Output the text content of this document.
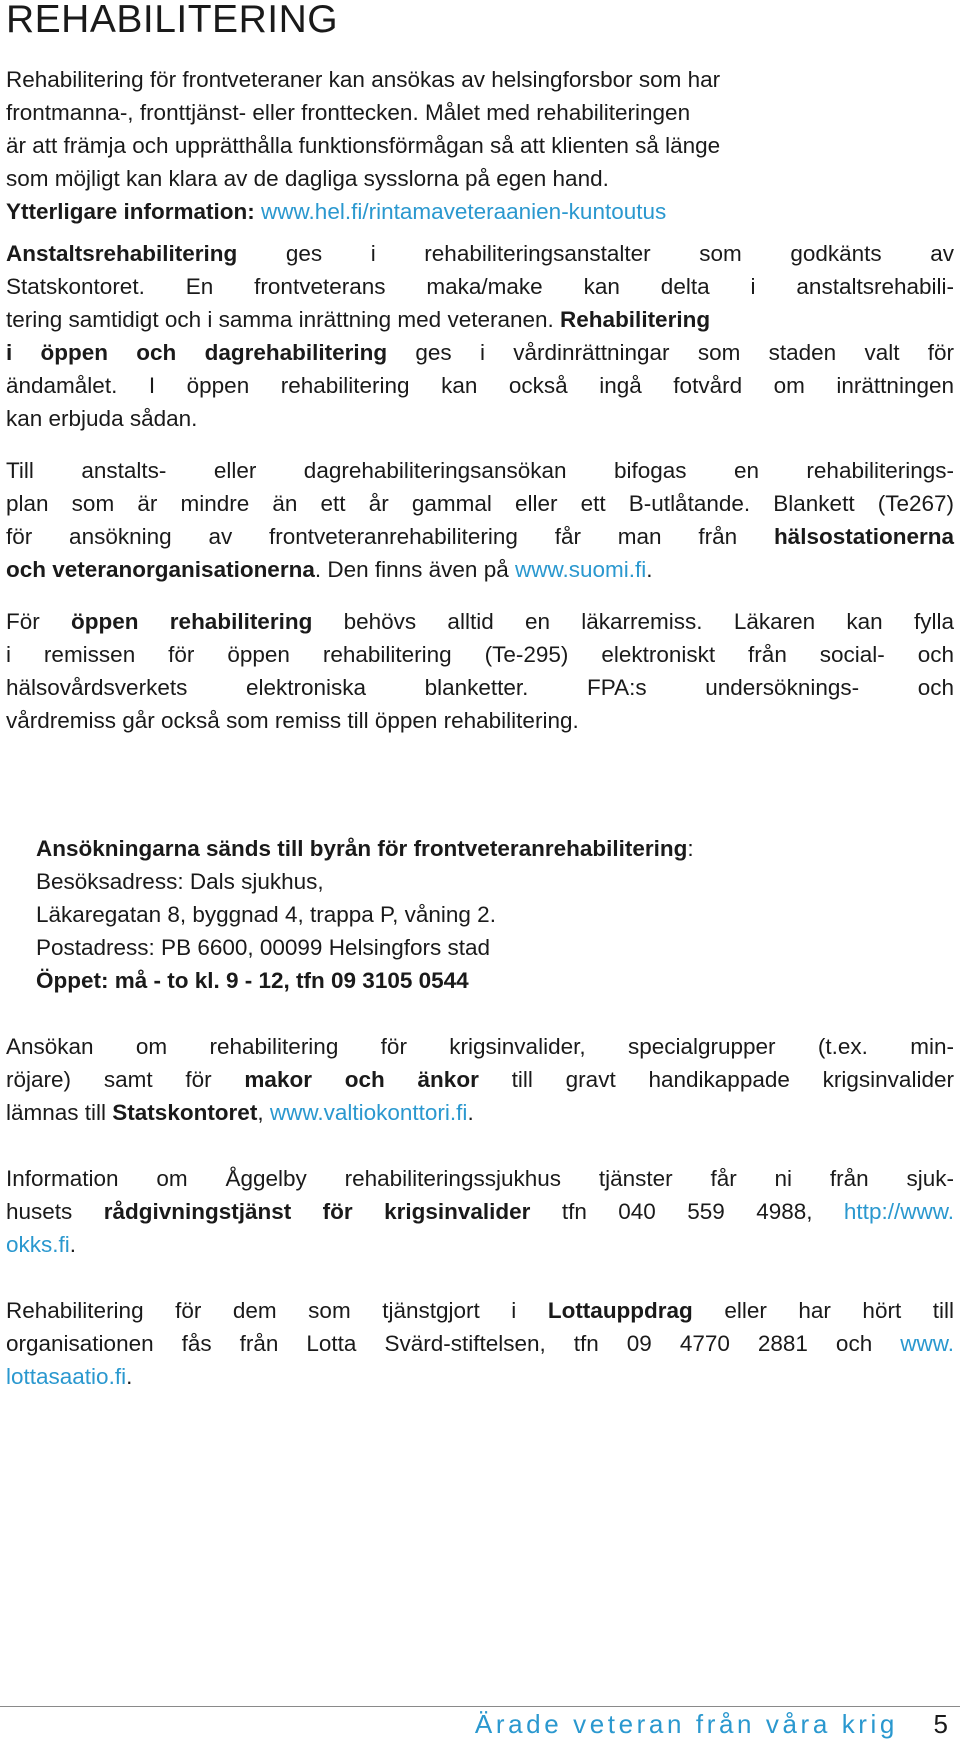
REHABILITERING
Rehabilitering för frontveteraner kan ansökas av helsingforsbor som har
frontmanna-, fronttjänst- eller fronttecken. Målet med rehabiliteringen
är att främja och upprätthålla funktionsförmågan så att klienten så länge
som möjligt kan klara av de dagliga sysslorna på egen hand.
Ytterligare information: www.hel.fi/rintamaveteraanien-kuntoutus
Anstaltsrehabilitering ges i rehabiliteringsanstalter som godkänts av
Statskontoret. En frontveterans maka/make kan delta i anstaltsrehabili-
tering samtidigt och i samma inrättning med veteranen. Rehabilitering
i öppen och dagrehabilitering ges i vårdinrättningar som staden valt för
ändamålet. I öppen rehabilitering kan också ingå fotvård om inrättningen
kan erbjuda sådan.
Till anstalts- eller dagrehabiliteringsansökan bifogas en rehabiliterings-
plan som är mindre än ett år gammal eller ett B-utlåtande. Blankett (Te267)
för ansökning av frontveteranrehabilitering får man från hälsostationerna
och veteranorganisationerna. Den finns även på www.suomi.fi.
För öppen rehabilitering behövs alltid en läkarremiss. Läkaren kan fylla
i remissen för öppen rehabilitering (Te-295) elektroniskt från social- och
hälsovårdsverkets elektroniska blanketter. FPA:s undersöknings- och
vårdremiss går också som remiss till öppen rehabilitering.
Ansökningarna sänds till byrån för frontveteranrehabilitering:
Besöksadress: Dals sjukhus,
Läkaregatan 8, byggnad 4, trappa P, våning 2.
Postadress: PB 6600, 00099 Helsingfors stad
Öppet: må - to kl. 9 - 12, tfn 09 3105 0544
Ansökan om rehabilitering för krigsinvalider, specialgrupper (t.ex. min-
röjare) samt för makor och änkor till gravt handikappade krigsinvalider
lämnas till Statskontoret, www.valtiokonttori.fi.
Information om Åggelby rehabiliteringssjukhus tjänster får ni från sjuk-
husets rådgivningstjänst för krigsinvalider tfn 040 559 4988, http://www.
okks.fi.
Rehabilitering för dem som tjänstgjort i Lottauppdrag eller har hört till
organisationen fås från Lotta Svärd-stiftelsen, tfn 09 4770 2881 och www.
lottasaatio.fi.
Ärade veteran från våra krig 5
